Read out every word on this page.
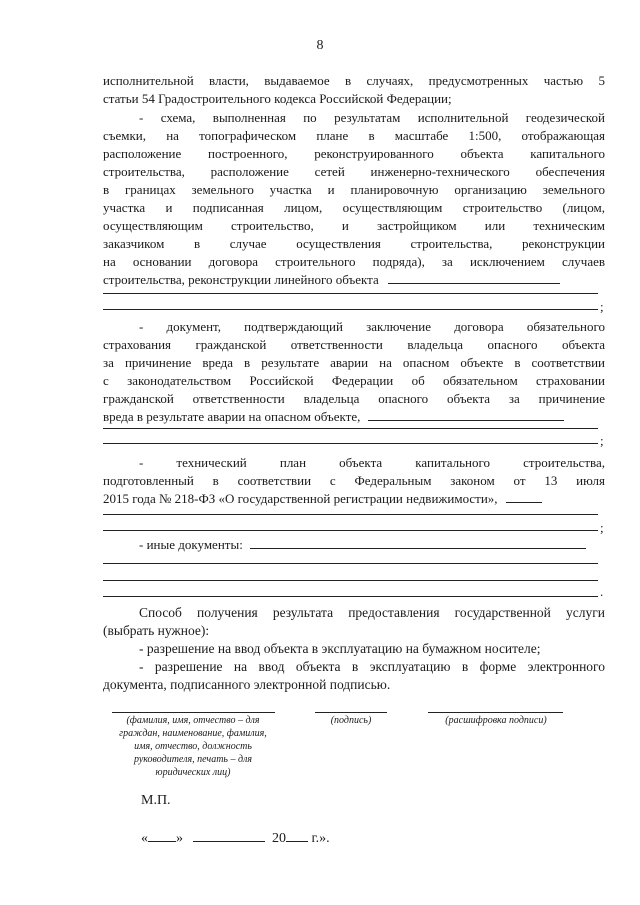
8
исполнительной власти, выдаваемое в случаях, предусмотренных частью 5
статьи 54 Градостроительного кодекса Российской Федерации;
- схема, выполненная по результатам исполнительной геодезической
съемки, на топографическом плане в масштабе 1:500, отображающая
расположение построенного, реконструированного объекта капитального
строительства, расположение сетей инженерно-технического обеспечения
в границах земельного участка и планировочную организацию земельного
участка и подписанная лицом, осуществляющим строительство (лицом,
осуществляющим строительство, и застройщиком или техническим
заказчиком в случае осуществления строительства, реконструкции
на основании договора строительного подряда), за исключением случаев
строительства, реконструкции линейного объекта
;
- документ, подтверждающий заключение договора обязательного
страхования гражданской ответственности владельца опасного объекта
за причинение вреда в результате аварии на опасном объекте в соответствии
с законодательством Российской Федерации об обязательном страховании
гражданской ответственности владельца опасного объекта за причинение
вреда в результате аварии на опасном объекте,
;
- технический план объекта капитального строительства,
подготовленный в соответствии с Федеральным законом от 13 июля
2015 года № 218-ФЗ «О государственной регистрации недвижимости»,
;
- иные документы:
.
Способ получения результата предоставления государственной услуги
(выбрать нужное):
- разрешение на ввод объекта в эксплуатацию на бумажном носителе;
- разрешение на ввод объекта в эксплуатацию в форме электронного
документа, подписанного электронной подписью.
(фамилия, имя, отчество – для
граждан, наименование, фамилия,
имя, отчество, должность
руководителя, печать – для
юридических лиц)
(подпись)	(расшифровка подписи)
М.П.
« »	20 г.».
